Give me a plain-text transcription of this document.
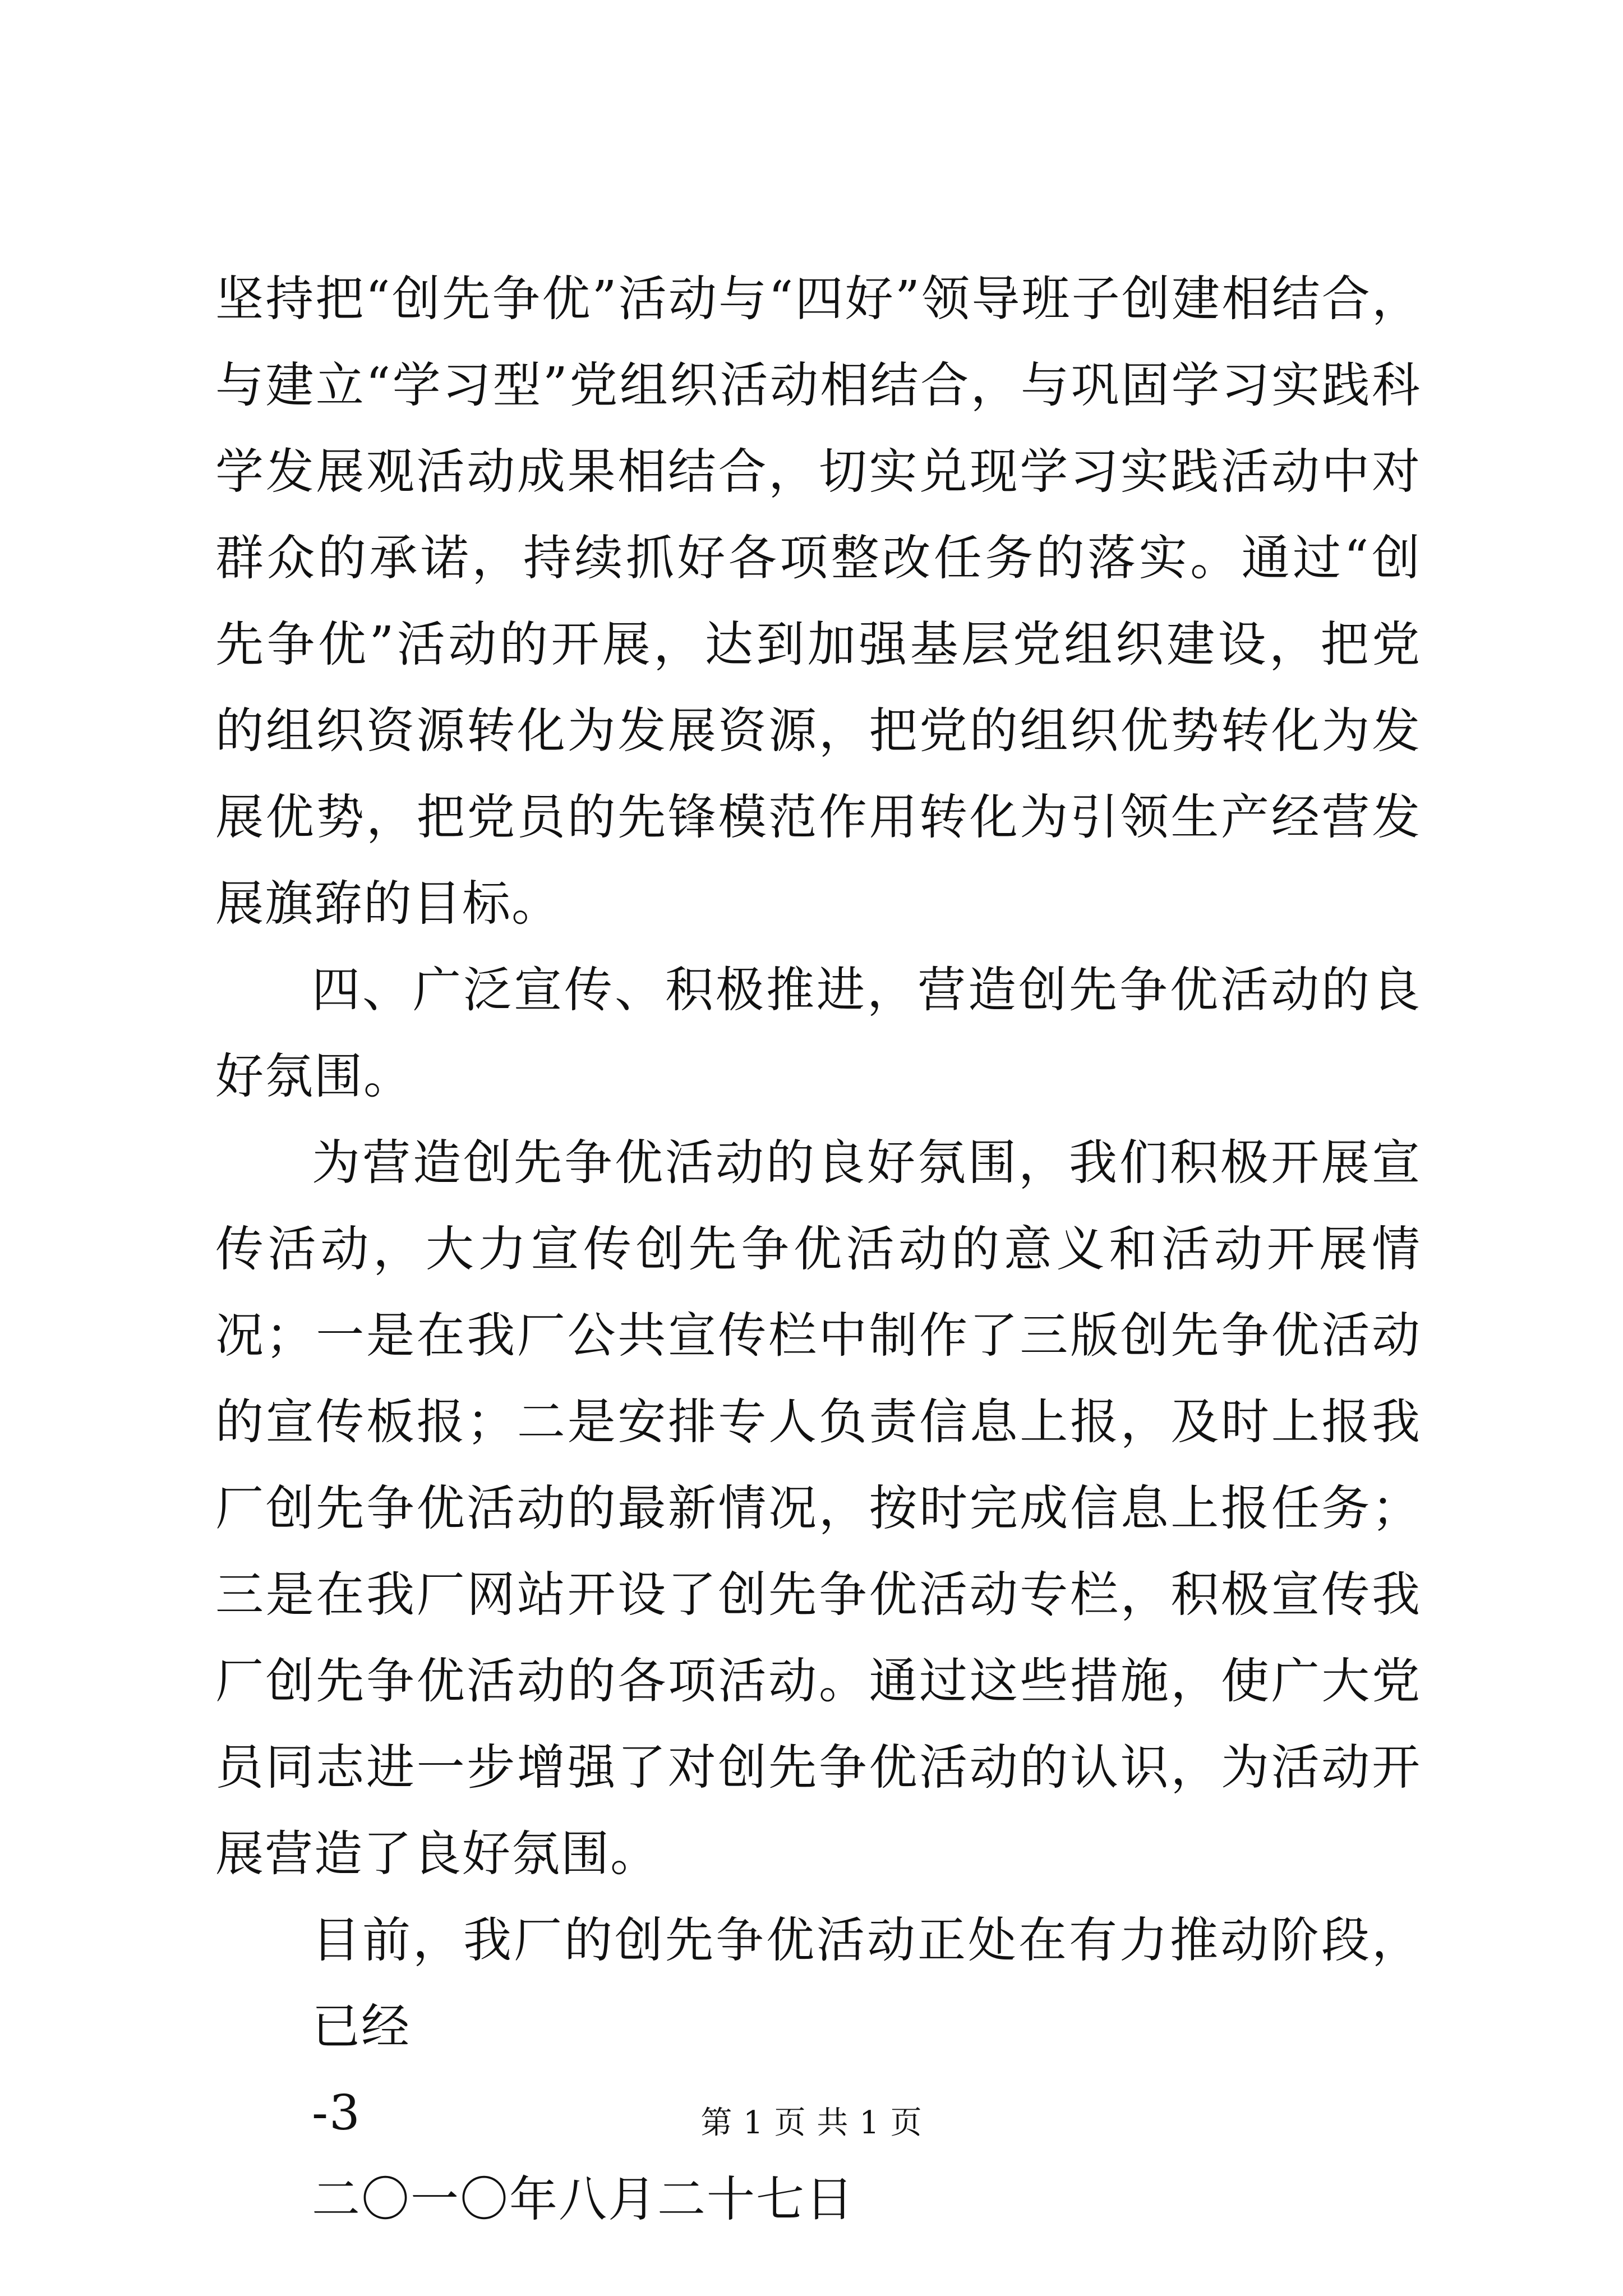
坚持把“创先争优”活动与“四好”领导班子创建相结合，与建立“学习型”党组织活动相结合，与巩固学习实践科学发展观活动成果相结合，切实兑现学习实践活动中对群众的承诺，持续抓好各项整改任务的落实。通过“创先争优”活动的开展，达到加强基层党组织建设，把党的组织资源转化为发展资源，把党的组织优势转化为发展优势，把党员的先锋模范作用转化为引领生产经营发展旗臶的目标。

四、广泛宣传、积极推进，营造创先争优活动的良好氛围。

为营造创先争优活动的良好氛围，我们积极开展宣传活动，大力宣传创先争优活动的意义和活动开展情况；一是在我厂公共宣传栏中制作了三版创先争优活动的宣传板报；二是安排专人负责信息上报，及时上报我厂创先争优活动的最新情况，按时完成信息上报任务；三是在我厂网站开设了创先争优活动专栏，积极宣传我厂创先争优活动的各项活动。通过这些措施，使广大党员同志进一步增强了对创先争优活动的认识，为活动开展营造了良好氛围。

目前，我厂的创先争优活动正处在有力推动阶段，已经

-3

二〇一〇年八月二十七日

第 1 页 共 1 页
